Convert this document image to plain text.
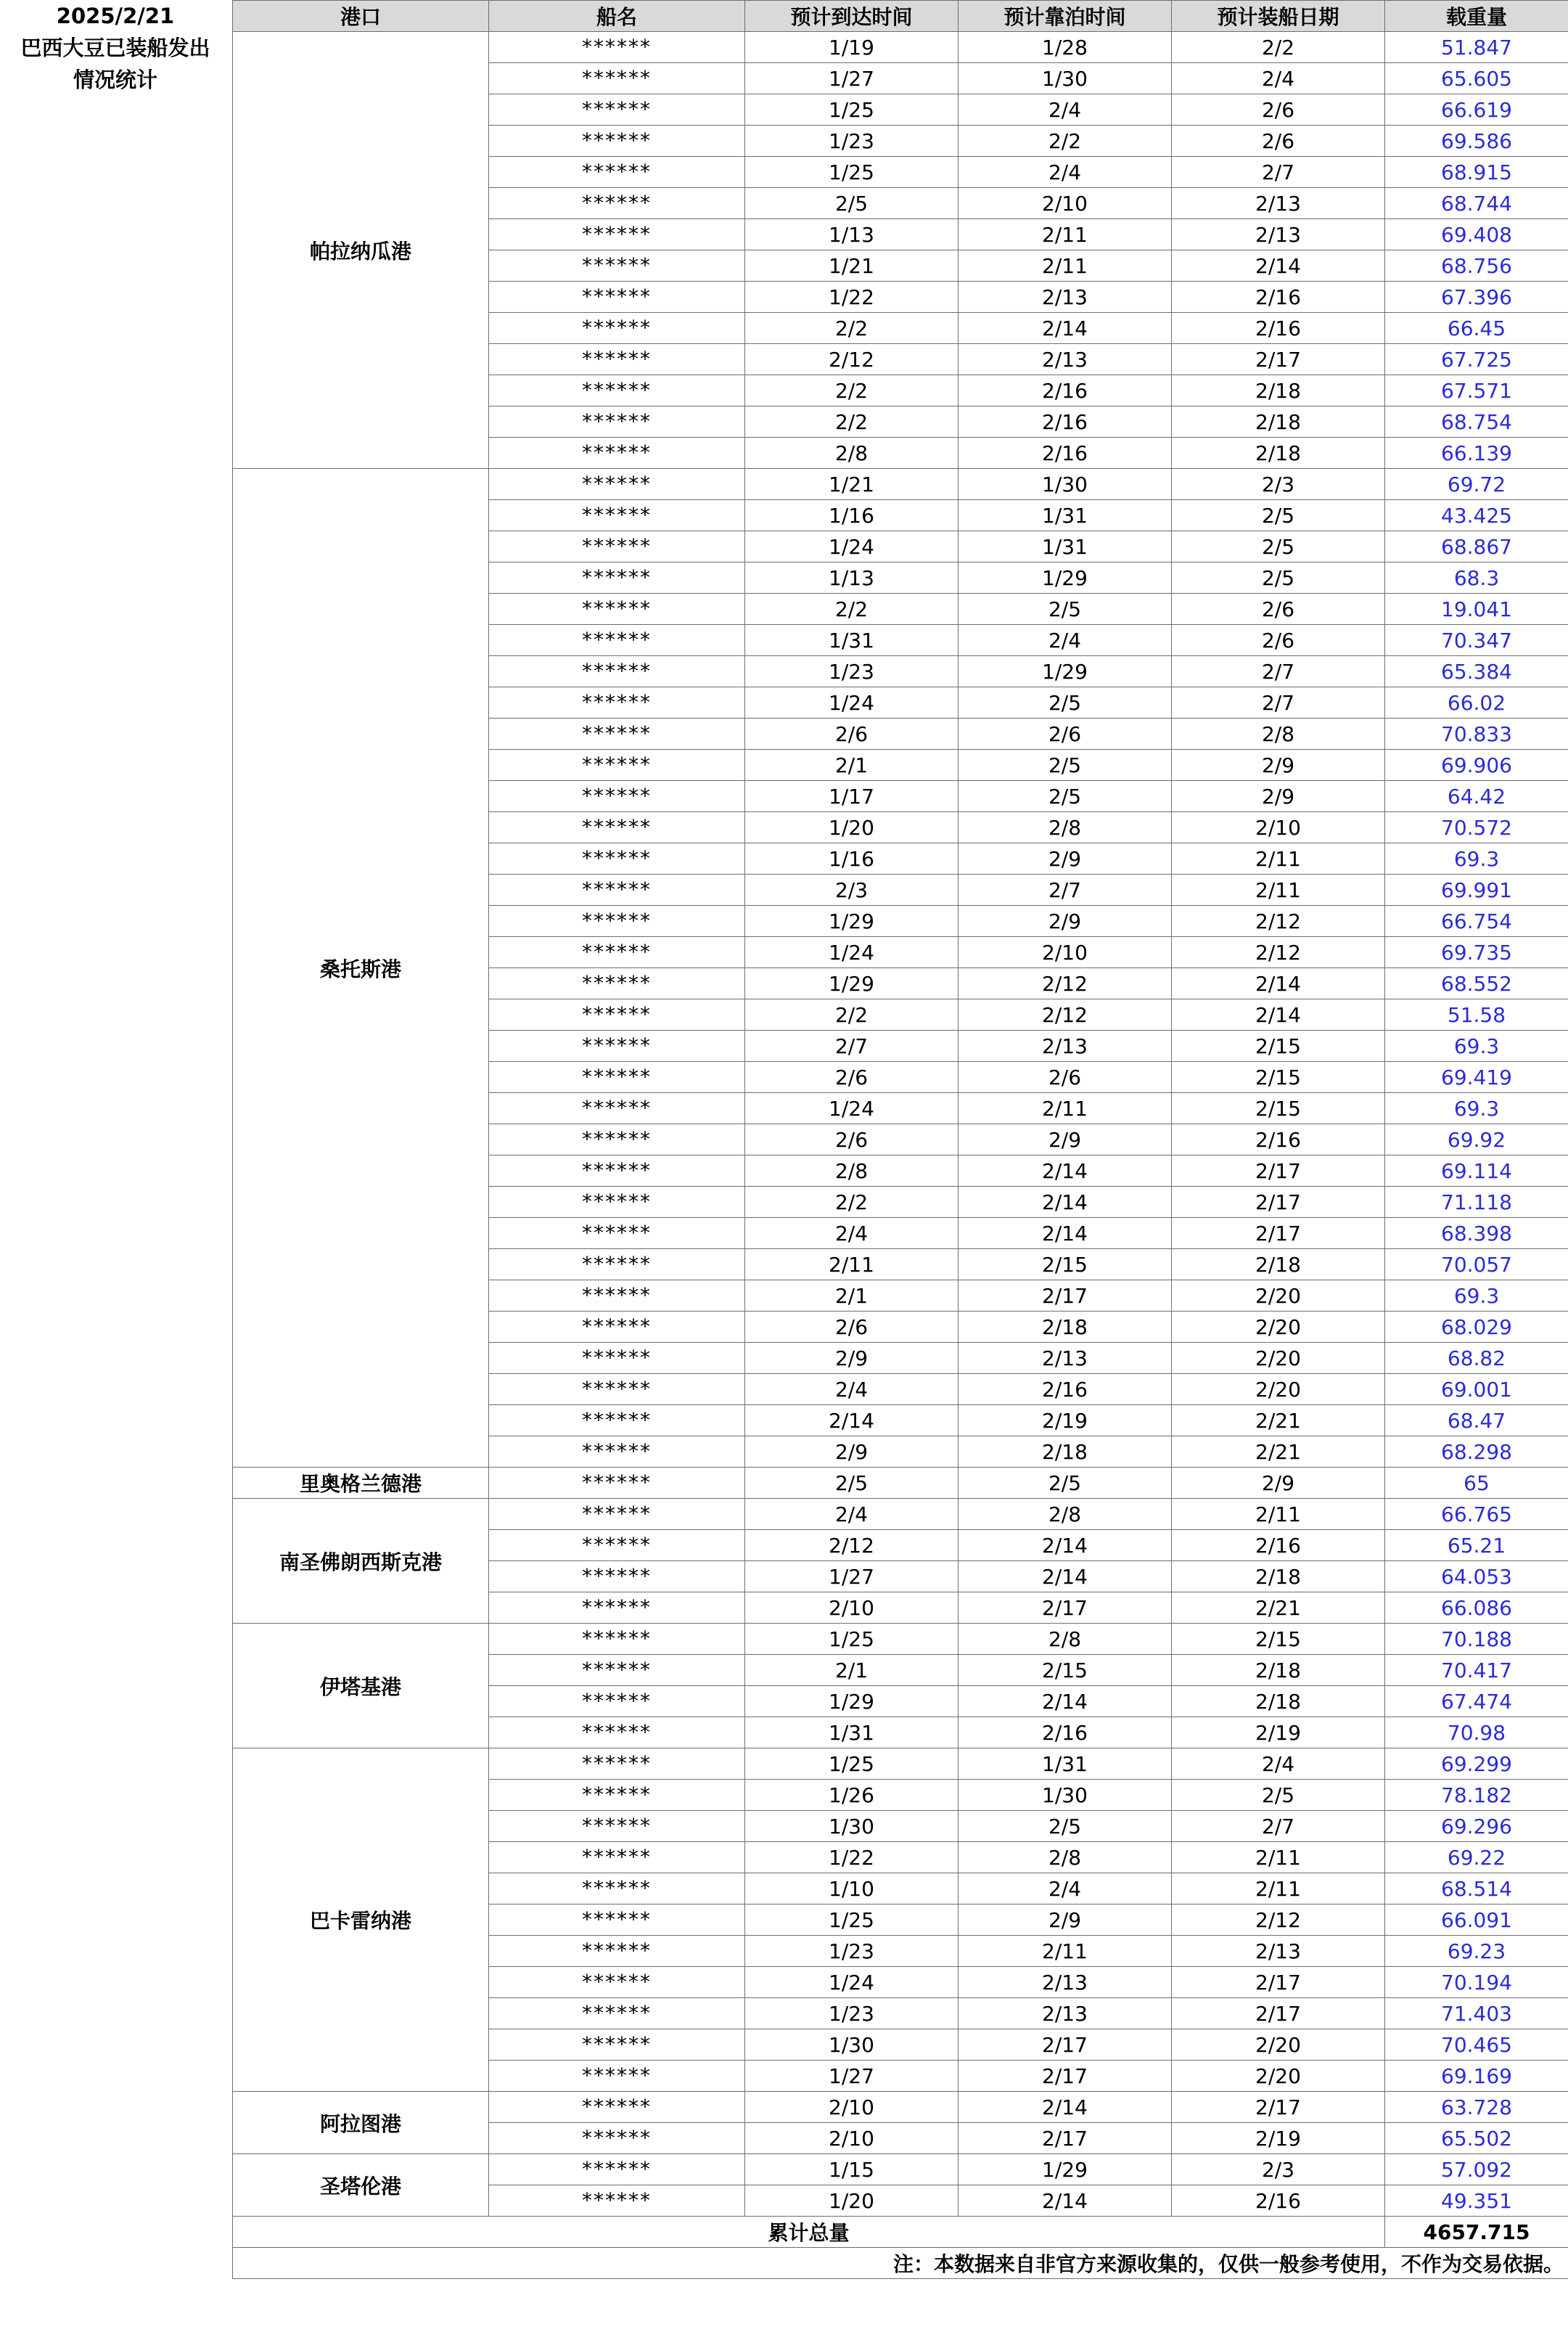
2025/2/21
巴西大豆已装船发出
情况统计
港口	船名	预计到达时间	预计靠泊时间	预计装船日期	载重量
帕拉纳瓜港	******	1/19	1/28	2/2	51.847
	******	1/27	1/30	2/4	65.605
	******	1/25	2/4	2/6	66.619
	******	1/23	2/2	2/6	69.586
	******	1/25	2/4	2/7	68.915
	******	2/5	2/10	2/13	68.744
	******	1/13	2/11	2/13	69.408
	******	1/21	2/11	2/14	68.756
	******	1/22	2/13	2/16	67.396
	******	2/2	2/14	2/16	66.45
	******	2/12	2/13	2/17	67.725
	******	2/2	2/16	2/18	67.571
	******	2/2	2/16	2/18	68.754
	******	2/8	2/16	2/18	66.139
桑托斯港	******	1/21	1/30	2/3	69.72
	******	1/16	1/31	2/5	43.425
	******	1/24	1/31	2/5	68.867
	******	1/13	1/29	2/5	68.3
	******	2/2	2/5	2/6	19.041
	******	1/31	2/4	2/6	70.347
	******	1/23	1/29	2/7	65.384
	******	1/24	2/5	2/7	66.02
	******	2/6	2/6	2/8	70.833
	******	2/1	2/5	2/9	69.906
	******	1/17	2/5	2/9	64.42
	******	1/20	2/8	2/10	70.572
	******	1/16	2/9	2/11	69.3
	******	2/3	2/7	2/11	69.991
	******	1/29	2/9	2/12	66.754
	******	1/24	2/10	2/12	69.735
	******	1/29	2/12	2/14	68.552
	******	2/2	2/12	2/14	51.58
	******	2/7	2/13	2/15	69.3
	******	2/6	2/6	2/15	69.419
	******	1/24	2/11	2/15	69.3
	******	2/6	2/9	2/16	69.92
	******	2/8	2/14	2/17	69.114
	******	2/2	2/14	2/17	71.118
	******	2/4	2/14	2/17	68.398
	******	2/11	2/15	2/18	70.057
	******	2/1	2/17	2/20	69.3
	******	2/6	2/18	2/20	68.029
	******	2/9	2/13	2/20	68.82
	******	2/4	2/16	2/20	69.001
	******	2/14	2/19	2/21	68.47
	******	2/9	2/18	2/21	68.298
里奥格兰德港	******	2/5	2/5	2/9	65
南圣佛朗西斯克港	******	2/4	2/8	2/11	66.765
	******	2/12	2/14	2/16	65.21
	******	1/27	2/14	2/18	64.053
	******	2/10	2/17	2/21	66.086
伊塔基港	******	1/25	2/8	2/15	70.188
	******	2/1	2/15	2/18	70.417
	******	1/29	2/14	2/18	67.474
	******	1/31	2/16	2/19	70.98
巴卡雷纳港	******	1/25	1/31	2/4	69.299
	******	1/26	1/30	2/5	78.182
	******	1/30	2/5	2/7	69.296
	******	1/22	2/8	2/11	69.22
	******	1/10	2/4	2/11	68.514
	******	1/25	2/9	2/12	66.091
	******	1/23	2/11	2/13	69.23
	******	1/24	2/13	2/17	70.194
	******	1/23	2/13	2/17	71.403
	******	1/30	2/17	2/20	70.465
	******	1/27	2/17	2/20	69.169
阿拉图港	******	2/10	2/14	2/17	63.728
	******	2/10	2/17	2/19	65.502
圣塔伦港	******	1/15	1/29	2/3	57.092
	******	1/20	2/14	2/16	49.351
累计总量					4657.715
注：本数据来自非官方来源收集的，仅供一般参考使用，不作为交易依据。					
